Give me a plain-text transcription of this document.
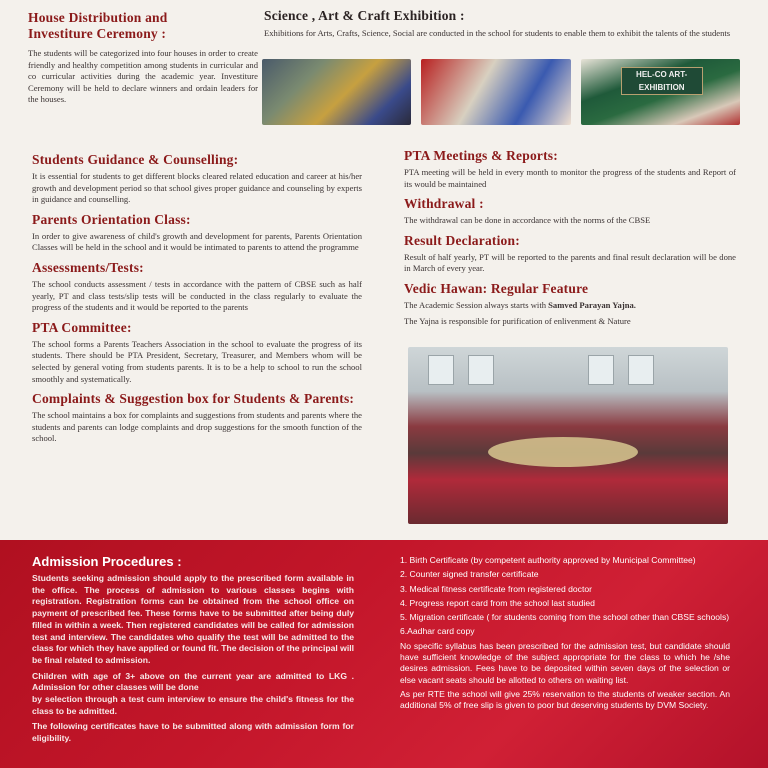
House Distribution and
Investiture Ceremony :

The students will be categorized into four houses in order to create friendly and healthy competition among students in curricular and co curricular activities during the academic year. Investiture Ceremony will be held to declare winners and ordain leaders for the houses.

Science , Art & Craft Exhibition :

Exhibitions for Arts, Crafts, Science, Social are conducted in the school for students to enable them to exhibit the talents of the students

HEL-CO ART-EXHIBITION
Students Guidance & Counselling:

It is essential for students to get different blocks cleared related education and career at his/her growth and development period so that school gives proper guidance and counseling by experts in guidance and counselling.

Parents Orientation Class:

In order to give awareness of child's growth and development for parents, Parents Orientation Classes will be held in the school and it would be intimated to parents to attend the programme

Assessments/Tests:

The school conducts assessment / tests in accordance with the pattern of CBSE such as half yearly, PT and class tests/slip tests will be conducted in the class regularly to evaluate the progress of the students and it would be reported to the parents

PTA Committee:

The school forms a Parents Teachers Association in the school to evaluate the progress of its students. There should be PTA President, Secretary, Treasurer, and Members whom will be selected by general voting from students parents. It is to be a help to school to run the school smoothly and systematically.

Complaints & Suggestion box for Students & Parents:

The school maintains a box for complaints and suggestions from students and parents where the students and parents can lodge complaints and drop suggestions for the smooth function of the school.

PTA Meetings & Reports:

PTA meeting will be held in every month to monitor the progress of the students and Report of its would be maintained

Withdrawal :

The withdrawal can be done in accordance with the norms of the CBSE

Result Declaration:

Result of half yearly, PT will be reported to the parents and final result declaration will be done in March of every year.

Vedic Hawan: Regular Feature

The Academic Session always starts with Samved Parayan Yajna.

The Yajna is responsible for purification of enlivenment & Nature

Admission Procedures :

Students seeking admission should apply to the prescribed form available in the office. The process of admission to various classes begins with registration. Registration forms can be obtained from the school office on payment of prescribed fee. These forms have to be submitted after being duly filled in within a week. Then registered candidates will be called for admission test and interview. The candidates who qualify the test will be admitted to the class for which they have applied or found fit. The decision of the principal will be final related to admission.

Children with age of 3+ above on the current year are admitted to LKG . Admission for other classes will be done

by selection through a test cum interview to ensure the child's fitness for the class to be admitted.

The following certificates have to be submitted along with admission form for eligibility.

1. Birth Certificate (by competent authority approved by Municipal Committee)
2. Counter signed transfer certificate
3. Medical fitness certificate from registered doctor
4. Progress report card from the school last studied
5. Migration certificate ( for students coming from the school other than CBSE schools)
6.Aadhar card copy

No specific syllabus has been prescribed for the admission test, but candidate should have sufficient knowledge of the subject appropriate for the class to which he /she desires admission. Fees have to be deposited within seven days of the selection or else vacant seats should be allotted to others on waiting list.

As per RTE the school will give 25% reservation to the students of weaker section. An additional 5% of free slip is given to poor but deserving students by DVM Society.
